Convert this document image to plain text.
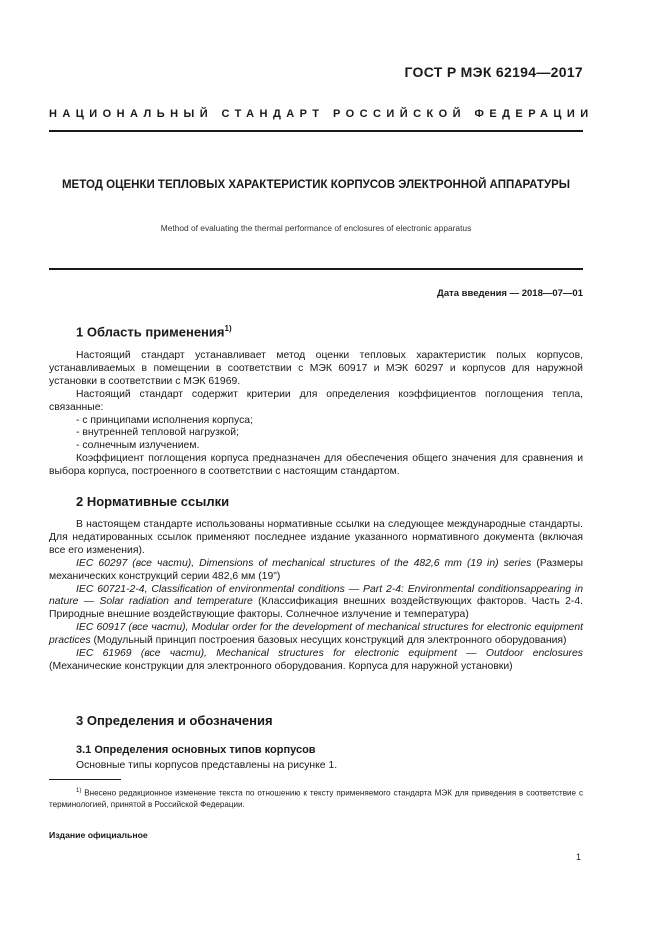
ГОСТ Р МЭК 62194—2017
НАЦИОНАЛЬНЫЙ СТАНДАРТ РОССИЙСКОЙ ФЕДЕРАЦИИ
МЕТОД ОЦЕНКИ ТЕПЛОВЫХ ХАРАКТЕРИСТИК КОРПУСОВ ЭЛЕКТРОННОЙ АППАРАТУРЫ
Method of evaluating the thermal performance of enclosures of electronic apparatus
Дата введения — 2018—07—01
1 Область применения$^{1)}$

Настоящий стандарт устанавливает метод оценки тепловых характеристик полых корпусов, устанавливаемых в помещении в соответствии с МЭК 60917 и МЭК 60297 и корпусов для наружной установки в соответствии с МЭК 61969.

Настоящий стандарт содержит критерии для определения коэффициентов поглощения тепла, связанные:

- с принципами исполнения корпуса;

- внутренней тепловой нагрузкой;

- солнечным излучением.

Коэффициент поглощения корпуса предназначен для обеспечения общего значения для сравнения и выбора корпуса, построенного в соответствии с настоящим стандартом.

2 Нормативные ссылки

В настоящем стандарте использованы нормативные ссылки на следующее международные стандарты. Для недатированных ссылок применяют последнее издание указанного нормативного документа (включая все его изменения).

IEC 60297 (все части), Dimensions of mechanical structures of the 482,6 mm (19 in) series (Размеры механических конструкций серии 482,6 мм (19")

IEC 60721-2-4, Classification of environmental conditions — Part 2-4: Environmental conditionsappearing in nature — Solar radiation and temperature (Классификация внешних воздействующих факторов. Часть 2-4. Природные внешние воздействующие факторы. Солнечное излучение и температура)

IEC 60917 (все части), Modular order for the development of mechanical structures for electronic equipment practices (Модульный принцип построения базовых несущих конструкций для электронного оборудования)

IEC 61969 (все части), Mechanical structures for electronic equipment — Outdoor enclosures (Механические конструкции для электронного оборудования. Корпуса для наружной установки)

3 Определения и обозначения
3.1 Определения основных типов корпусов

Основные типы корпусов представлены на рисунке 1.

$^{1)}$ Внесено редакционное изменение текста по отношению к тексту применяемого стандарта МЭК для приведения в соответствие с терминологией, принятой в Российской Федерации.

Издание официальное
1
